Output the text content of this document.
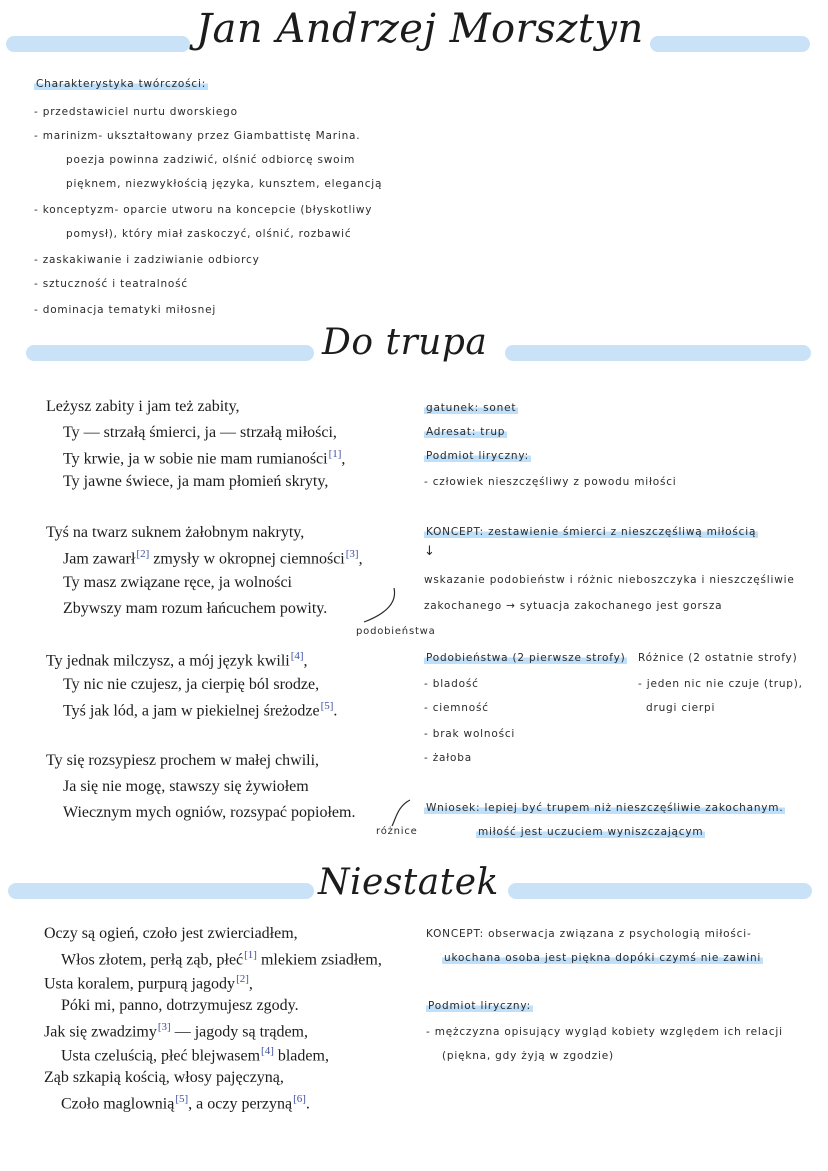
Jan Andrzej Morsztyn
Charakterystyka twórczości:
- przedstawiciel nurtu dworskiego
- marinizm- ukształtowany przez Giambattistę Marina.
poezja powinna zadziwić, olśnić odbiorcę swoim
pięknem, niezwykłością języka, kunsztem, elegancją
- konceptyzm- oparcie utworu na koncepcie (błyskotliwy
pomysł), który miał zaskoczyć, olśnić, rozbawić
- zaskakiwanie i zadziwianie odbiorcy
- sztuczność i teatralność
- dominacja tematyki miłosnej
Do trupa
Leżysz zabity i jam też zabity,
Ty — strzałą śmierci, ja — strzałą miłości,
Ty krwie, ja w sobie nie mam rumianości[1],
Ty jawne świece, ja mam płomień skryty,
Tyś na twarz suknem żałobnym nakryty,
Jam zawarł[2] zmysły w okropnej ciemności[3],
Ty masz związane ręce, ja wolności
Zbywszy mam rozum łańcuchem powity.
Ty jednak milczysz, a mój język kwili[4],
Ty nic nie czujesz, ja cierpię ból srodze,
Tyś jak lód, a jam w piekielnej śreżodze[5].
Ty się rozsypiesz prochem w małej chwili,
Ja się nie mogę, stawszy się żywiołem
Wiecznym mych ogniów, rozsypać popiołem.
gatunek: sonet
Adresat: trup
Podmiot liryczny:
- człowiek nieszczęśliwy z powodu miłości
KONCEPT: zestawienie śmierci z nieszczęśliwą miłością
↓
wskazanie podobieństw i różnic nieboszczyka i nieszczęśliwie
zakochanego → sytuacja zakochanego jest gorsza
Podobieństwa (2 pierwsze strofy)
- bladość
- ciemność
- brak wolności
- żałoba
Różnice (2 ostatnie strofy)
- jeden nic nie czuje (trup),
drugi cierpi
Wniosek: lepiej być trupem niż nieszczęśliwie zakochanym.
miłość jest uczuciem wyniszczającym
podobieństwa
różnice
Niestatek
Oczy są ogień, czoło jest zwierciadłem,
Włos złotem, perłą ząb, płeć[1] mlekiem zsiadłem,
Usta koralem, purpurą jagody[2],
Póki mi, panno, dotrzymujesz zgody.
Jak się zwadzimy[3] — jagody są trądem,
Usta czeluścią, płeć blejwasem[4] bladem,
Ząb szkapią kością, włosy pajęczyną,
Czoło maglownią[5], a oczy perzyną[6].
KONCEPT: obserwacja związana z psychologią miłości-
ukochana osoba jest piękna dopóki czymś nie zawini
Podmiot liryczny:
- mężczyzna opisujący wygląd kobiety względem ich relacji
(piękna, gdy żyją w zgodzie)
